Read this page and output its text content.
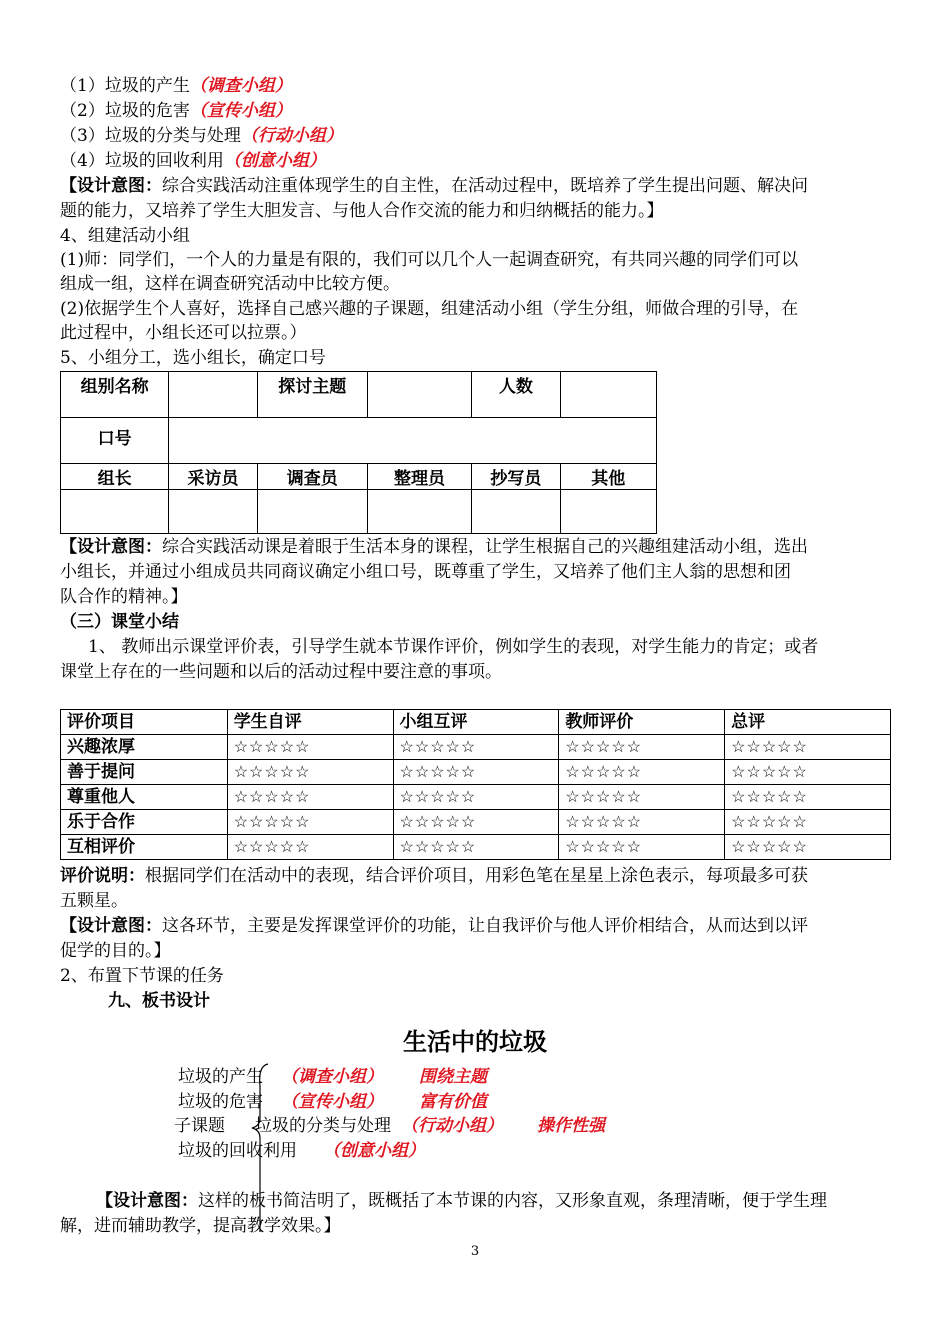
（1）垃圾的产生（调查小组）
（2）垃圾的危害（宣传小组）
（3）垃圾的分类与处理（行动小组）
（4）垃圾的回收利用（创意小组）
【设计意图：综合实践活动注重体现学生的自主性，在活动过程中，既培养了学生提出问题、解决问
题的能力，又培养了学生大胆发言、与他人合作交流的能力和归纳概括的能力。】
4、组建活动小组
(1)师：同学们，一个人的力量是有限的，我们可以几个人一起调查研究，有共同兴趣的同学们可以
组成一组，这样在调查研究活动中比较方便。
(2)依据学生个人喜好，选择自己感兴趣的子课题，组建活动小组（学生分组，师做合理的引导，在
此过程中，小组长还可以拉票。）
5、小组分工，选小组长，确定口号
组别名称		探讨主题		人数	
口号					
组长	采访员	调查员	整理员	抄写员	其他

【设计意图：综合实践活动课是着眼于生活本身的课程，让学生根据自己的兴趣组建活动小组，选出
小组长，并通过小组成员共同商议确定小组口号，既尊重了学生，又培养了他们主人翁的思想和团
队合作的精神。】
（三）课堂小结
1、 教师出示课堂评价表，引导学生就本节课作评价，例如学生的表现，对学生能力的肯定；或者
课堂上存在的一些问题和以后的活动过程中要注意的事项。
评价项目	学生自评	小组互评	教师评价	总评
兴趣浓厚	☆☆☆☆☆	☆☆☆☆☆	☆☆☆☆☆	☆☆☆☆☆
善于提问	☆☆☆☆☆	☆☆☆☆☆	☆☆☆☆☆	☆☆☆☆☆
尊重他人	☆☆☆☆☆	☆☆☆☆☆	☆☆☆☆☆	☆☆☆☆☆
乐于合作	☆☆☆☆☆	☆☆☆☆☆	☆☆☆☆☆	☆☆☆☆☆
互相评价	☆☆☆☆☆	☆☆☆☆☆	☆☆☆☆☆	☆☆☆☆☆
评价说明：根据同学们在活动中的表现，结合评价项目，用彩色笔在星星上涂色表示，每项最多可获
五颗星。
【设计意图：这各环节，主要是发挥课堂评价的功能，让自我评价与他人评价相结合，从而达到以评
促学的目的。】
2、布置下节课的任务
九、板书设计
生活中的垃圾
垃圾的产生 （调查小组） 围绕主题
垃圾的危害 （宣传小组） 富有价值
子课题 垃圾的分类与处理 （行动小组） 操作性强
垃圾的回收利用 （创意小组）
【设计意图：这样的板书简洁明了，既概括了本节课的内容，又形象直观，条理清晰，便于学生理
解，进而辅助教学，提高教学效果。】
3
